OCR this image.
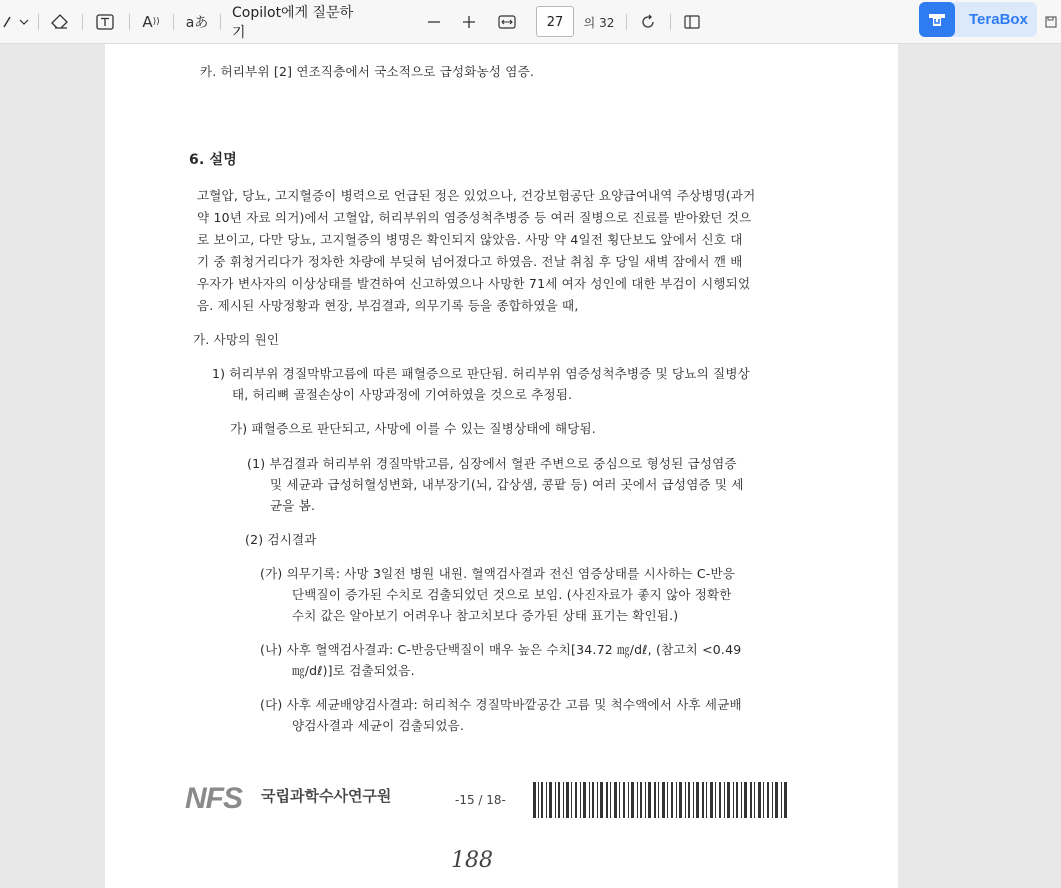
A )) aあ
Copilot에게 질문하기
27	의 32	TeraBox
카. 허리부위 [2] 연조직층에서 국소적으로 급성화농성 염증.
6. 설명
고혈압, 당뇨, 고지혈증이 병력으로 언급된 정은 있었으나, 건강보험공단 요양급여내역 주상병명(과거
약 10년 자료 의거)에서 고혈압, 허리부위의 염증성척추병증 등 여러 질병으로 진료를 받아왔던 것으
로 보이고, 다만 당뇨, 고지혈증의 병명은 확인되지 않았음. 사망 약 4일전 횡단보도 앞에서 신호 대
기 중 휘청거리다가 정차한 차량에 부딪혀 넘어졌다고 하였음. 전날 취침 후 당일 새벽 잠에서 깬 배
우자가 변사자의 이상상태를 발견하여 신고하였으나 사망한 71세 여자 성인에 대한 부검이 시행되었
음. 제시된 사망정황과 현장, 부검결과, 의무기록 등을 종합하였을 때,
가. 사망의 원인
1) 허리부위 경질막밖고름에 따른 패혈증으로 판단됨. 허리부위 염증성척추병증 및 당뇨의 질병상
태, 허리뼈 골절손상이 사망과정에 기여하였을 것으로 추정됨.
가) 패혈증으로 판단되고, 사망에 이를 수 있는 질병상태에 해당됨.
(1) 부검결과 허리부위 경질막밖고름, 심장에서 혈관 주변으로 중심으로 형성된 급성염증
및 세균과 급성허혈성변화, 내부장기(뇌, 갑상샘, 콩팥 등) 여러 곳에서 급성염증 및 세
균을 봄.
(2) 검시결과
(가) 의무기록: 사망 3일전 병원 내원. 혈액검사결과 전신 염증상태를 시사하는 C-반응
단백질이 증가된 수치로 검출되었던 것으로 보임. (사진자료가 좋지 않아 정확한
수치 값은 알아보기 어려우나 참고치보다 증가된 상태 표기는 확인됨.)
(나) 사후 혈액검사결과: C-반응단백질이 매우 높은 수치[34.72 ㎎/dℓ, (참고치 <0.49
㎎/dℓ)]로 검출되었음.
(다) 사후 세균배양검사결과: 허리척수 경질막바깥공간 고름 및 척수액에서 사후 세균배
양검사결과 세균이 검출되었음.
NFS 국립과학수사연구원	-15 / 18-
188
